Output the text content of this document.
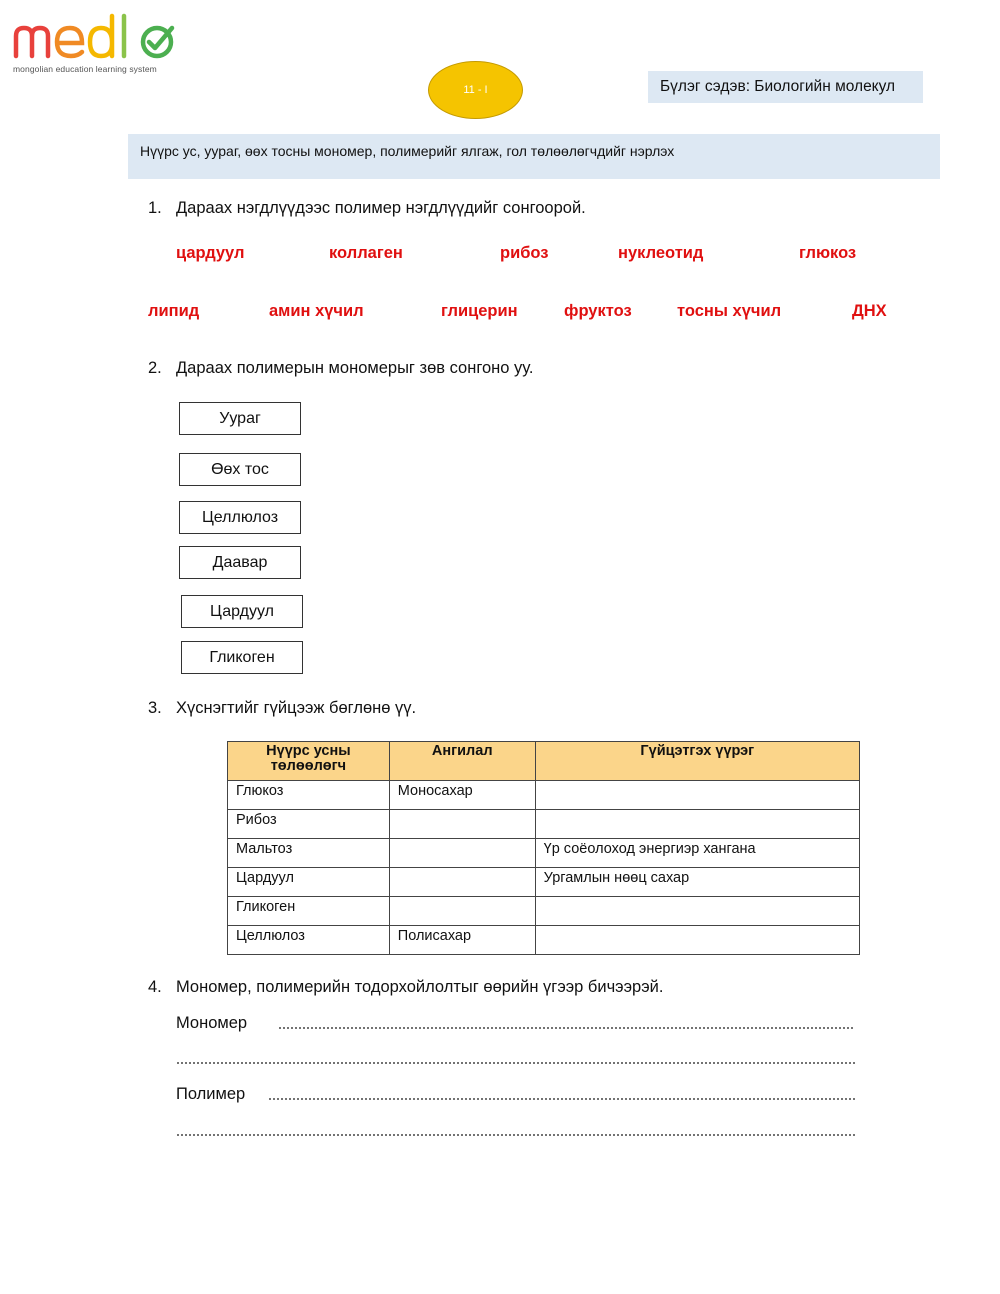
mongolian education learning system
11 - I	Бүлэг сэдэв: Биологийн молекул
Нүүрс ус, уураг, өөх тосны мономер, полимерийг ялгаж, гол төлөөлөгчдийг нэрлэх
1. Дараах нэгдлүүдээс полимер нэгдлүүдийг сонгоорой.
цардуул	коллаген	рибоз	нуклеотид	глюкоз
липид	амин хүчил	глицерин	фруктоз	тосны хүчил	ДНХ
2. Дараах полимерын мономерыг зөв сонгоно уу.
Уураг
Өөх тос
Целлюлоз
Даавар
Цардуул
Гликоген
3. Хүснэгтийг гүйцээж бөглөнө үү.
Нүүрс усны төлөөлөгч	Ангилал	Гүйцэтгэх үүрэг
Глюкоз	Моносахар	
Рибоз		
Мальтоз		Үр соёолоход энергиэр хангана
Цардуул		Ургамлын нөөц сахар
Гликоген		
Целлюлоз	Полисахар	
4. Мономер, полимерийн тодорхойлолтыг өөрийн үгээр бичээрэй.
Мономер
Полимер
